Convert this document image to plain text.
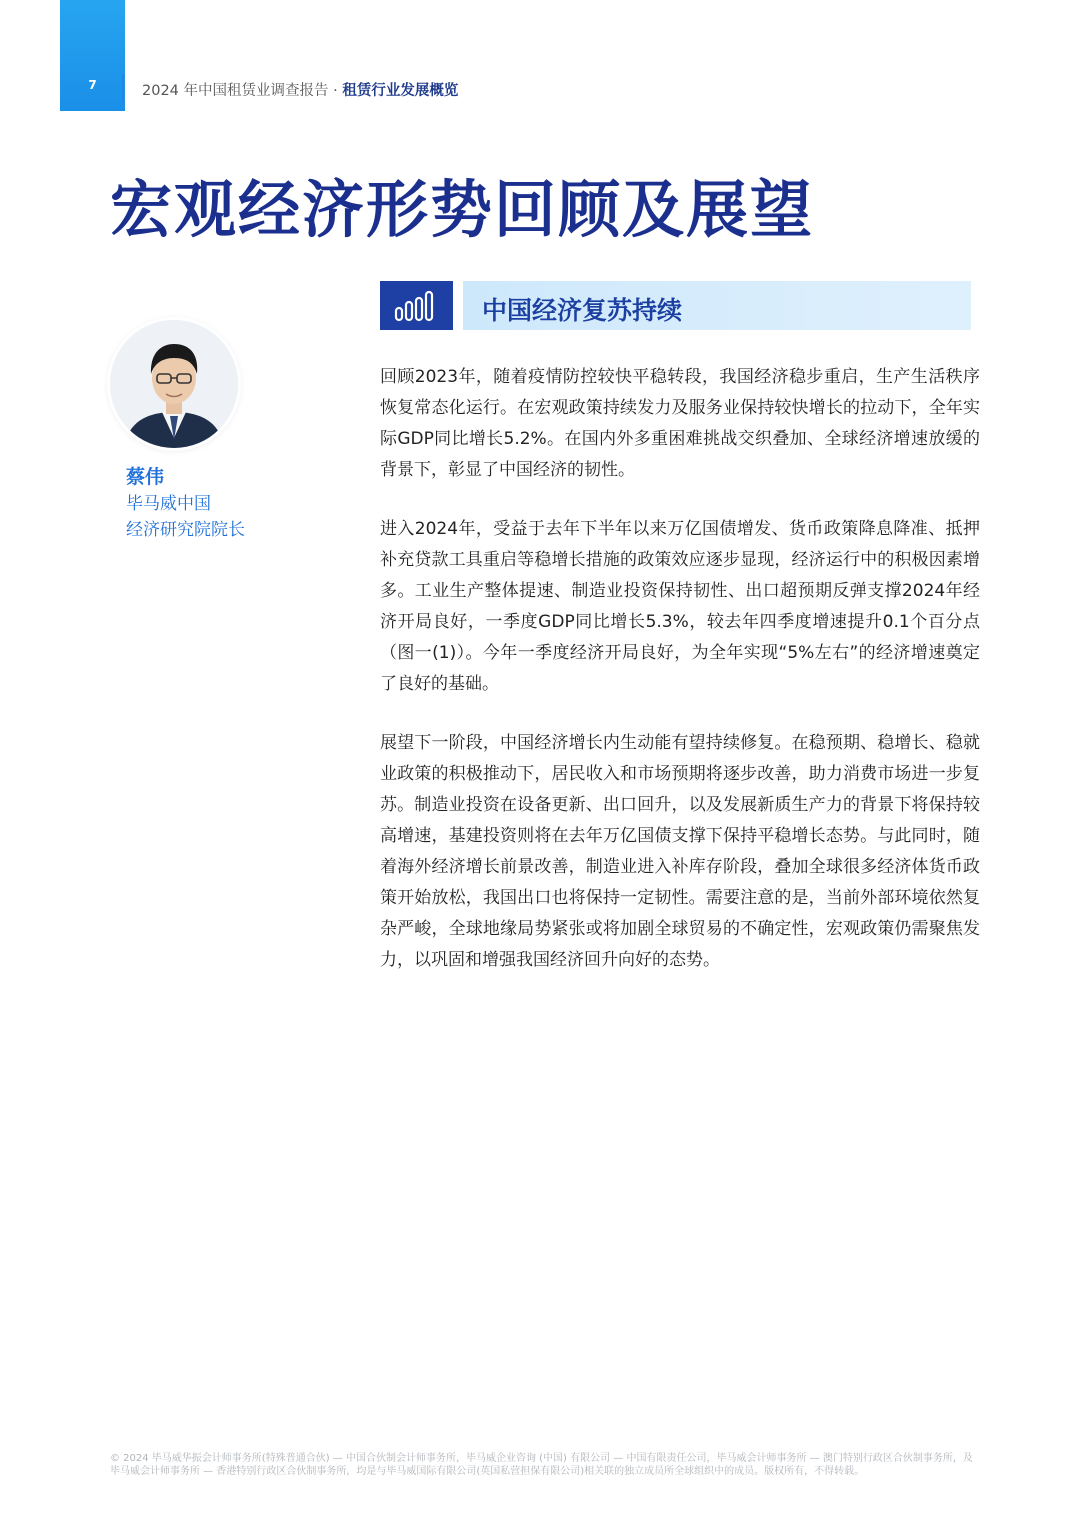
7	2024 年中国租赁业调查报告 · 租赁行业发展概览
宏观经济形势回顾及展望
蔡伟
毕马威中国
经济研究院院长
中国经济复苏持续

回顾2023年，随着疫情防控较快平稳转段，我国经济稳步重启，生产生活秩序恢复常态化运行。在宏观政策持续发力及服务业保持较快增长的拉动下，全年实际GDP同比增长5.2%。在国内外多重困难挑战交织叠加、全球经济增速放缓的背景下，彰显了中国经济的韧性。

进入2024年，受益于去年下半年以来万亿国债增发、货币政策降息降准、抵押补充贷款工具重启等稳增长措施的政策效应逐步显现，经济运行中的积极因素增多。工业生产整体提速、制造业投资保持韧性、出口超预期反弹支撑2024年经济开局良好，一季度GDP同比增长5.3%，较去年四季度增速提升0.1个百分点（图一(1)）。今年一季度经济开局良好，为全年实现“5%左右”的经济增速奠定了良好的基础。

展望下一阶段，中国经济增长内生动能有望持续修复。在稳预期、稳增长、稳就业政策的积极推动下，居民收入和市场预期将逐步改善，助力消费市场进一步复苏。制造业投资在设备更新、出口回升，以及发展新质生产力的背景下将保持较高增速，基建投资则将在去年万亿国债支撑下保持平稳增长态势。与此同时，随着海外经济增长前景改善，制造业进入补库存阶段，叠加全球很多经济体货币政策开始放松，我国出口也将保持一定韧性。需要注意的是，当前外部环境依然复杂严峻，全球地缘局势紧张或将加剧全球贸易的不确定性，宏观政策仍需聚焦发力，以巩固和增强我国经济回升向好的态势。

© 2024 毕马威华振会计师事务所(特殊普通合伙) — 中国合伙制会计师事务所，毕马威企业咨询 (中国) 有限公司 — 中国有限责任公司，毕马威会计师事务所 — 澳门特别行政区合伙制事务所，及毕马威会计师事务所 — 香港特别行政区合伙制事务所，均是与毕马威国际有限公司(英国私营担保有限公司)相关联的独立成员所全球组织中的成员。版权所有，不得转载。
